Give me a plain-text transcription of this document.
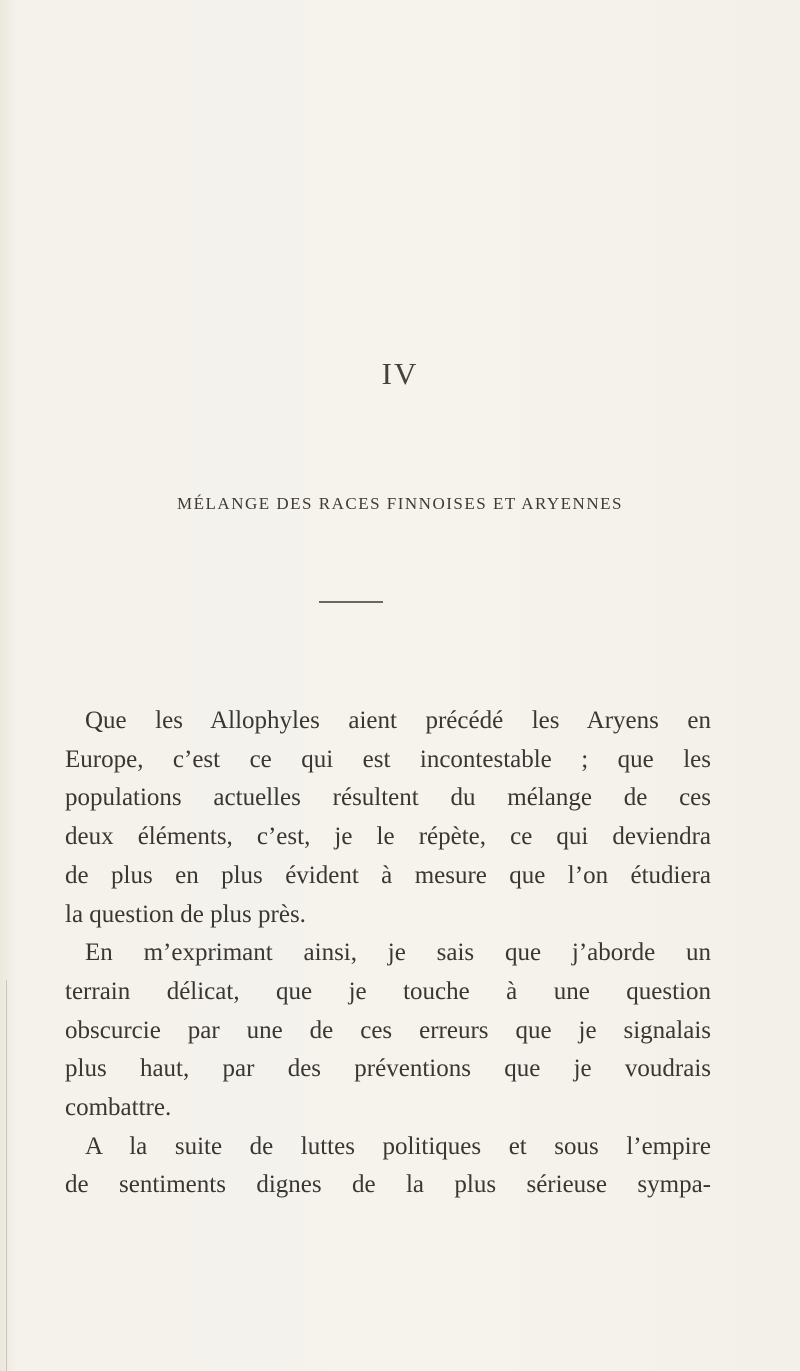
IV
MÉLANGE DES RACES FINNOISES ET ARYENNES

Que les Allophyles aient précédé les Aryens en
Europe, c’est ce qui est incontestable ; que les
populations actuelles résultent du mélange de ces
deux éléments, c’est, je le répète, ce qui deviendra
de plus en plus évident à mesure que l’on étudiera
la question de plus près.

En m’exprimant ainsi, je sais que j’aborde un
terrain délicat, que je touche à une question
obscurcie par une de ces erreurs que je signalais
plus haut, par des préventions que je voudrais
combattre.

A la suite de luttes politiques et sous l’empire
de sentiments dignes de la plus sérieuse sympa-
